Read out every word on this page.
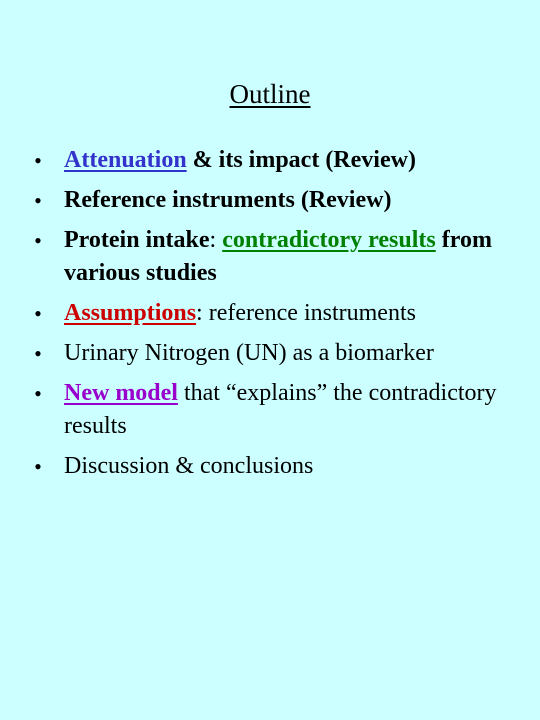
Outline
• Attenuation & its impact (Review)
• Reference instruments (Review)
• Protein intake: contradictory results from various studies
• Assumptions: reference instruments
• Urinary Nitrogen (UN) as a biomarker
• New model that “explains” the contradictory results
• Discussion & conclusions
